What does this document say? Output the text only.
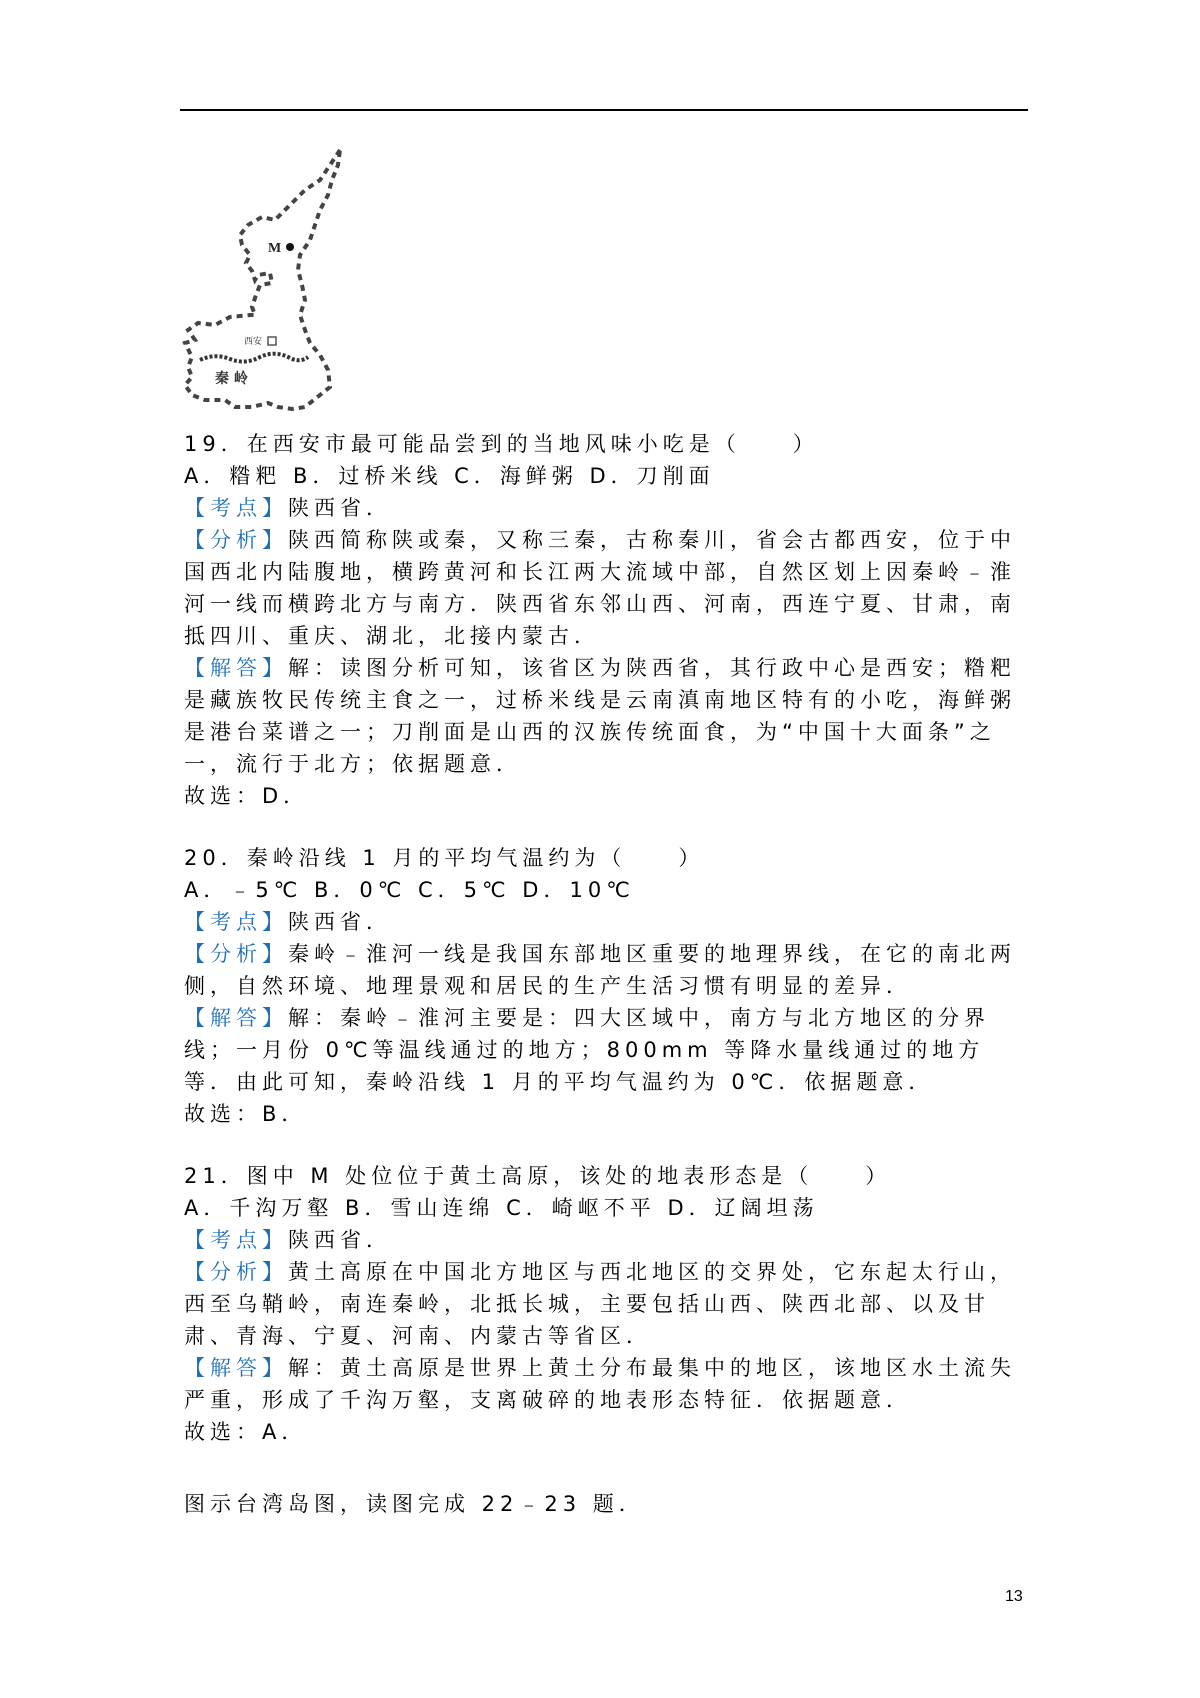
M
西安
秦 岭

19．在西安市最可能品尝到的当地风味小吃是（　　）

A．糌粑 B．过桥米线 C．海鲜粥 D．刀削面

【考点】陕西省．

【分析】陕西简称陕或秦，又称三秦，古称秦川，省会古都西安，位于中国西北内陆腹地，横跨黄河和长江两大流域中部，自然区划上因秦岭﹣淮河一线而横跨北方与南方．陕西省东邻山西、河南，西连宁夏、甘肃，南抵四川、重庆、湖北，北接内蒙古．

【解答】解：读图分析可知，该省区为陕西省，其行政中心是西安；糌粑是藏族牧民传统主食之一，过桥米线是云南滇南地区特有的小吃，海鲜粥是港台菜谱之一；刀削面是山西的汉族传统面食，为“中国十大面条”之一，流行于北方；依据题意．

故选：D．

20．秦岭沿线 1 月的平均气温约为（　　）

A．﹣5℃ B．0℃ C．5℃ D．10℃

【考点】陕西省．

【分析】秦岭﹣淮河一线是我国东部地区重要的地理界线，在它的南北两侧，自然环境、地理景观和居民的生产生活习惯有明显的差异．

【解答】解：秦岭﹣淮河主要是：四大区域中，南方与北方地区的分界线；一月份 0℃等温线通过的地方；800mm 等降水量线通过的地方等．由此可知，秦岭沿线 1 月的平均气温约为 0℃．依据题意．

故选：B．

21．图中 M 处位位于黄土高原，该处的地表形态是（　　）

A．千沟万壑 B．雪山连绵 C．崎岖不平 D．辽阔坦荡

【考点】陕西省．

【分析】黄土高原在中国北方地区与西北地区的交界处，它东起太行山，西至乌鞘岭，南连秦岭，北抵长城，主要包括山西、陕西北部、以及甘肃、青海、宁夏、河南、内蒙古等省区．

【解答】解：黄土高原是世界上黄土分布最集中的地区，该地区水土流失严重，形成了千沟万壑，支离破碎的地表形态特征．依据题意．

故选：A．

图示台湾岛图，读图完成 22﹣23 题．

13
